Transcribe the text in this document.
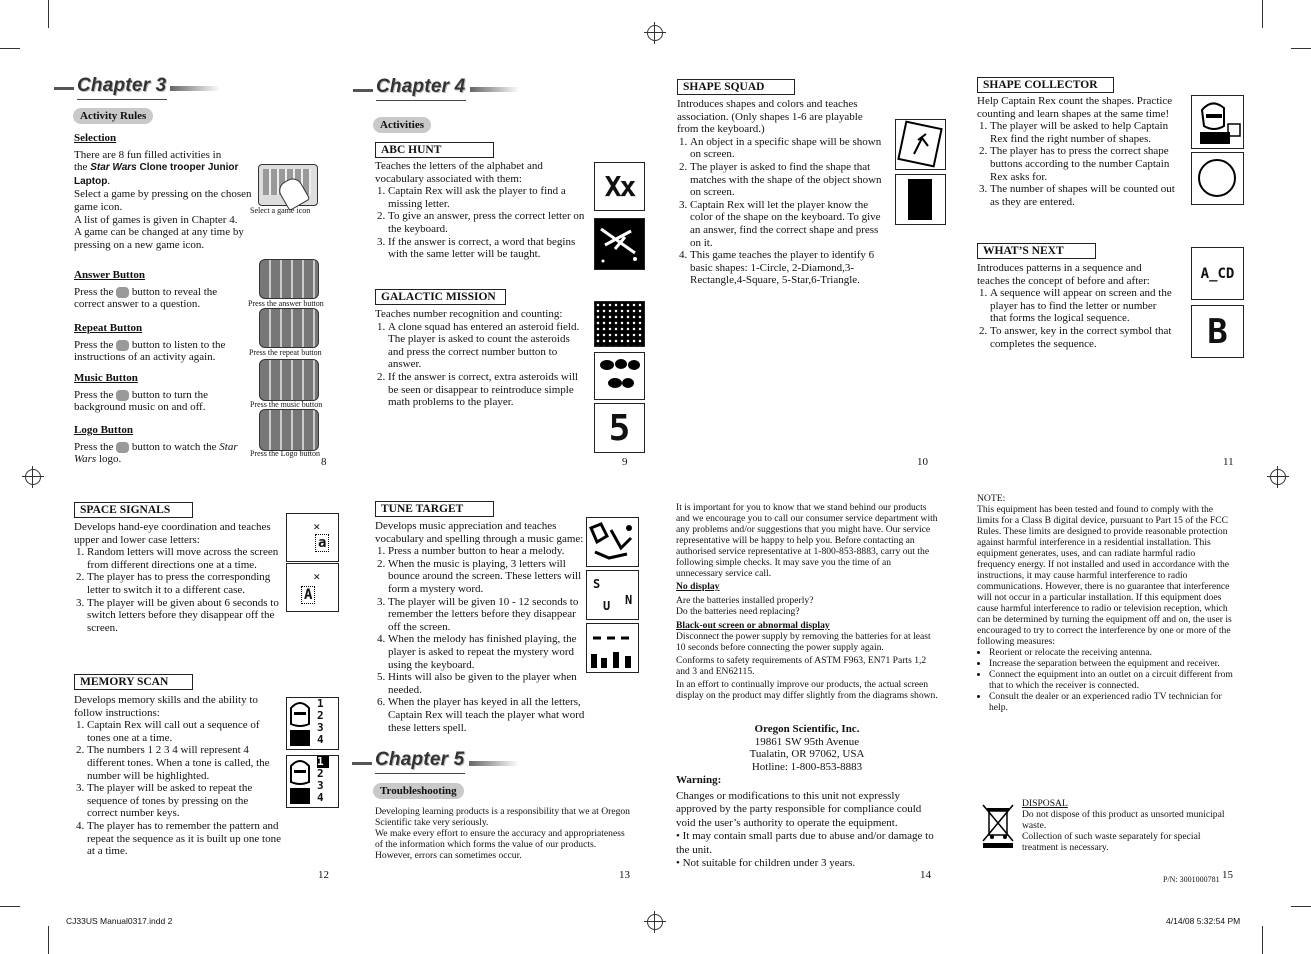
Chapter 3
Activity Rules

Selection

There are 8 fun filled activities in
the Star Wars Clone trooper Junior Laptop.

Select a game by pressing on the chosen game icon.

A list of games is given in Chapter 4.

A game can be changed at any time by pressing on a new game icon.

Select a game icon

Answer Button

Press the  button to reveal the correct answer to a question.	Press the answer button

Repeat Button

Press the  button to listen to the instructions of an activity again.	Press the repeat button

Music Button

Press the  button to turn the background music on and off.	Press the music button

Logo Button

Press the  button to watch the Star Wars logo.	Press the Logo button
8
Chapter 4
Activities
ABC HUNT

Teaches the letters of the alphabet and vocabulary associated with them:

1. Captain Rex will ask the player to find a missing letter.
2. To give an answer, press the correct letter on the keyboard.
3. If the answer is correct, a word that begins with the same letter will be taught.
Xx
GALACTIC MISSION

Teaches number recognition and counting:

1. A clone squad has entered an asteroid field. The player is asked to count the asteroids and press the correct number button to answer.
2. If the answer is correct, extra asteroids will be seen or disappear to reintroduce simple math problems to the player.
5
9
SHAPE SQUAD

Introduces shapes and colors and teaches association. (Only shapes 1-6 are playable from the keyboard.)

1. An object in a specific shape will be shown on screen.
2. The player is asked to find the shape that matches with the shape of the object shown on screen.
3. Captain Rex will let the player know the color of the shape on the keyboard. To give an answer, find the correct shape and press on it.
4. This game teaches the player to identify 6 basic shapes: 1-Circle, 2-Diamond,3-Rectangle,4-Square, 5-Star,6-Triangle.
10
SHAPE COLLECTOR

Help Captain Rex count the shapes. Practice counting and learn shapes at the same time!

1. The player will be asked to help Captain Rex find the right number of shapes.
2. The player has to press the correct shape buttons according to the number Captain Rex asks for.
3. The number of shapes will be counted out as they are entered.
WHAT’S NEXT

Introduces patterns in a sequence and teaches the concept of before and after:

1. A sequence will appear on screen and the player has to find the letter or number that forms the logical sequence.
2. To answer, key in the correct symbol that completes the sequence.
A_CD
B
11
SPACE SIGNALS

Develops hand-eye coordination and teaches upper and lower case letters:

1. Random letters will move across the screen from different directions one at a time.
2. The player has to press the corresponding letter to switch it to a different case.
3. The player will be given about 6 seconds to switch letters before they disappear off the screen.
a
✕
A
✕
MEMORY SCAN

Develops memory skills and the ability to follow instructions:

1. Captain Rex will call out a sequence of tones one at a time.
2. The numbers 1 2 3 4 will represent 4 different tones. When a tone is called, the number will be highlighted.
3. The player will be asked to repeat the sequence of tones by pressing on the correct number keys.
4. The player has to remember the pattern and repeat the sequence as it is built up one tone at a time.
1
2
3
4
1
2
3
4
12
TUNE TARGET

Develops music appreciation and teaches vocabulary and spelling through a music game:

1. Press a number button to hear a melody.
2. When the music is playing, 3 letters will bounce around the screen. These letters will form a mystery word.
3. The player will be given 10 - 12 seconds to remember the letters before they disappear off the screen.
4. When the melody has finished playing, the player is asked to repeat the mystery word using the keyboard.
5. Hints will also be given to the player when needed.
6. When the player has keyed in all the letters, Captain Rex will teach the player what word these letters spell.
S
U N
Chapter 5
Troubleshooting

Developing learning products is a responsibility that we at Oregon Scientific take very seriously.

We make every effort to ensure the accuracy and appropriateness of the information which forms the value of our products. However, errors can sometimes occur.

13
It is important for you to know that we stand behind our products and we encourage you to call our consumer service department with any problems and/or suggestions that you might have. Our service representative will be happy to help you. Before contacting an authorised service representative at 1-800-853-8883, carry out the following simple checks. It may save you the time of an unnecessary service call.

No display

Are the batteries installed properly?

Do the batteries need replacing?

Black-out screen or abnormal display

Disconnect the power supply by removing the batteries for at least 10 seconds before connecting the power supply again.

Conforms to safety requirements of ASTM F963, EN71 Parts 1,2 and 3 and EN62115.

In an effort to continually improve our products, the actual screen display on the product may differ slightly from the diagrams shown.

Oregon Scientific, Inc.

19861 SW 95th Avenue

Tualatin, OR 97062, USA

Hotline: 1-800-853-8883

Warning:

Changes or modifications to this unit not expressly approved by the party responsible for compliance could void the user’s authority to operate the equipment.

• It may contain small parts due to abuse and/or damage to the unit.

• Not suitable for children under 3 years.

14

NOTE:

This equipment has been tested and found to comply with the limits for a Class B digital device, pursuant to Part 15 of the FCC Rules. These limits are designed to provide reasonable protection against harmful interference in a residential installation. This equipment generates, uses, and can radiate harmful radio frequency energy. If not installed and used in accordance with the instructions, it may cause harmful interference to radio communications. However, there is no guarantee that interference will not occur in a particular installation. If this equipment does cause harmful interference to radio or television reception, which can be determined by turning the equipment off and on, the user is encouraged to try to correct the interference by one or more of the following measures:

• Reorient or relocate the receiving antenna.
• Increase the separation between the equipment and receiver.
• Connect the equipment into an outlet on a circuit different from that to which the receiver is connected.
• Consult the dealer or an experienced radio TV technician for help.

DISPOSAL

Do not dispose of this product as unsorted municipal waste.

Collection of such waste separately for special treatment is necessary.

P/N: 3001000781 15
CJ33US Manual0317.indd 2	4/14/08 5:32:54 PM
